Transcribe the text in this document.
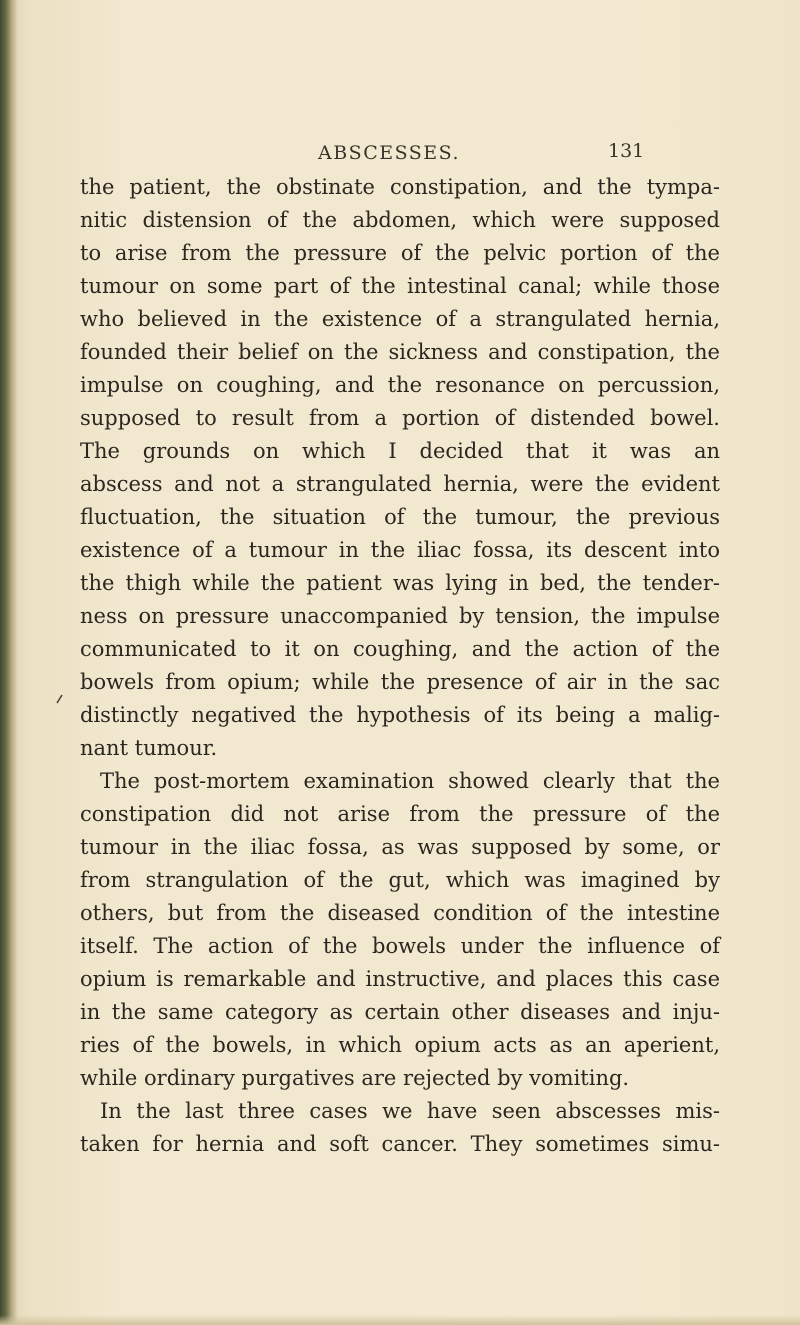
ABSCESSES.	131
the patient, the obstinate constipation, and the tympa-
nitic distension of the abdomen, which were supposed
to arise from the pressure of the pelvic portion of the
tumour on some part of the intestinal canal; while those
who believed in the existence of a strangulated hernia,
founded their belief on the sickness and constipation, the
impulse on coughing, and the resonance on percussion,
supposed to result from a portion of distended bowel.
The grounds on which I decided that it was an
abscess and not a strangulated hernia, were the evident
fluctuation, the situation of the tumour, the previous
existence of a tumour in the iliac fossa, its descent into
the thigh while the patient was lying in bed, the tender-
ness on pressure unaccompanied by tension, the impulse
communicated to it on coughing, and the action of the
bowels from opium; while the presence of air in the sac
distinctly negatived the hypothesis of its being a malig-
nant tumour.
The post-mortem examination showed clearly that the
constipation did not arise from the pressure of the
tumour in the iliac fossa, as was supposed by some, or
from strangulation of the gut, which was imagined by
others, but from the diseased condition of the intestine
itself. The action of the bowels under the influence of
opium is remarkable and instructive, and places this case
in the same category as certain other diseases and inju-
ries of the bowels, in which opium acts as an aperient,
while ordinary purgatives are rejected by vomiting.
In the last three cases we have seen abscesses mis-
taken for hernia and soft cancer. They sometimes simu-
